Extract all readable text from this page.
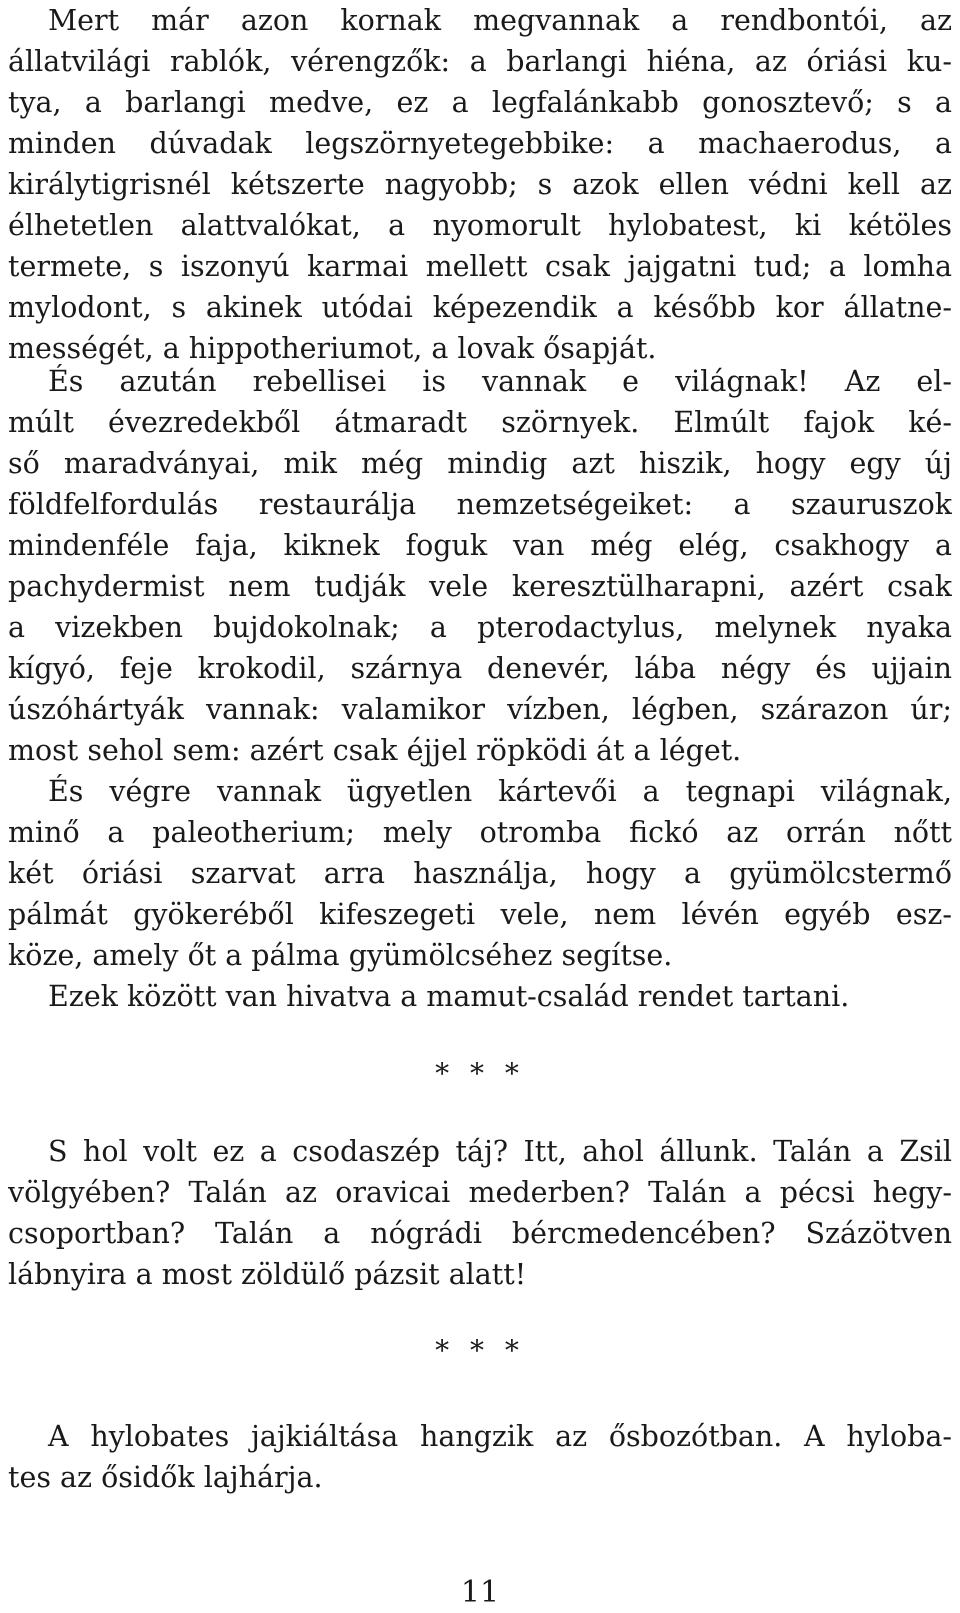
Mert már azon kornak megvannak a rendbontói, az
állatvilági rablók, vérengzők: a barlangi hiéna, az óriási ku-
tya, a barlangi medve, ez a legfalánkabb gonosztevő; s a
minden dúvadak legszörnyetegebbike: a machaerodus, a
királytigrisnél kétszerte nagyobb; s azok ellen védni kell az
élhetetlen alattvalókat, a nyomorult hylobatest, ki kétöles
termete, s iszonyú karmai mellett csak jajgatni tud; a lomha
mylodont, s akinek utódai képezendik a később kor állatne-
mességét, a hippotheriumot, a lovak ősapját.
És azután rebellisei is vannak e világnak! Az el-
múlt évezredekből átmaradt szörnyek. Elmúlt fajok ké-
ső maradványai, mik még mindig azt hiszik, hogy egy új
földfelfordulás restaurálja nemzetségeiket: a szauruszok
mindenféle faja, kiknek foguk van még elég, csakhogy a
pachydermist nem tudják vele keresztülharapni, azért csak
a vizekben bujdokolnak; a pterodactylus, melynek nyaka
kígyó, feje krokodil, szárnya denevér, lába négy és ujjain
úszóhártyák vannak: valamikor vízben, légben, szárazon úr;
most sehol sem: azért csak éjjel röpködi át a léget.
És végre vannak ügyetlen kártevői a tegnapi világnak,
minő a paleotherium; mely otromba fickó az orrán nőtt
két óriási szarvat arra használja, hogy a gyümölcstermő
pálmát gyökeréből kifeszegeti vele, nem lévén egyéb esz-
köze, amely őt a pálma gyümölcséhez segítse.
Ezek között van hivatva a mamut-család rendet tartani.
* * *
S hol volt ez a csodaszép táj? Itt, ahol állunk. Talán a Zsil
völgyében? Talán az oravicai mederben? Talán a pécsi hegy-
csoportban? Talán a nógrádi bércmedencében? Százötven
lábnyira a most zöldülő pázsit alatt!
* * *
A hylobates jajkiáltása hangzik az ősbozótban. A hyloba-
tes az ősidők lajhárja.
11
